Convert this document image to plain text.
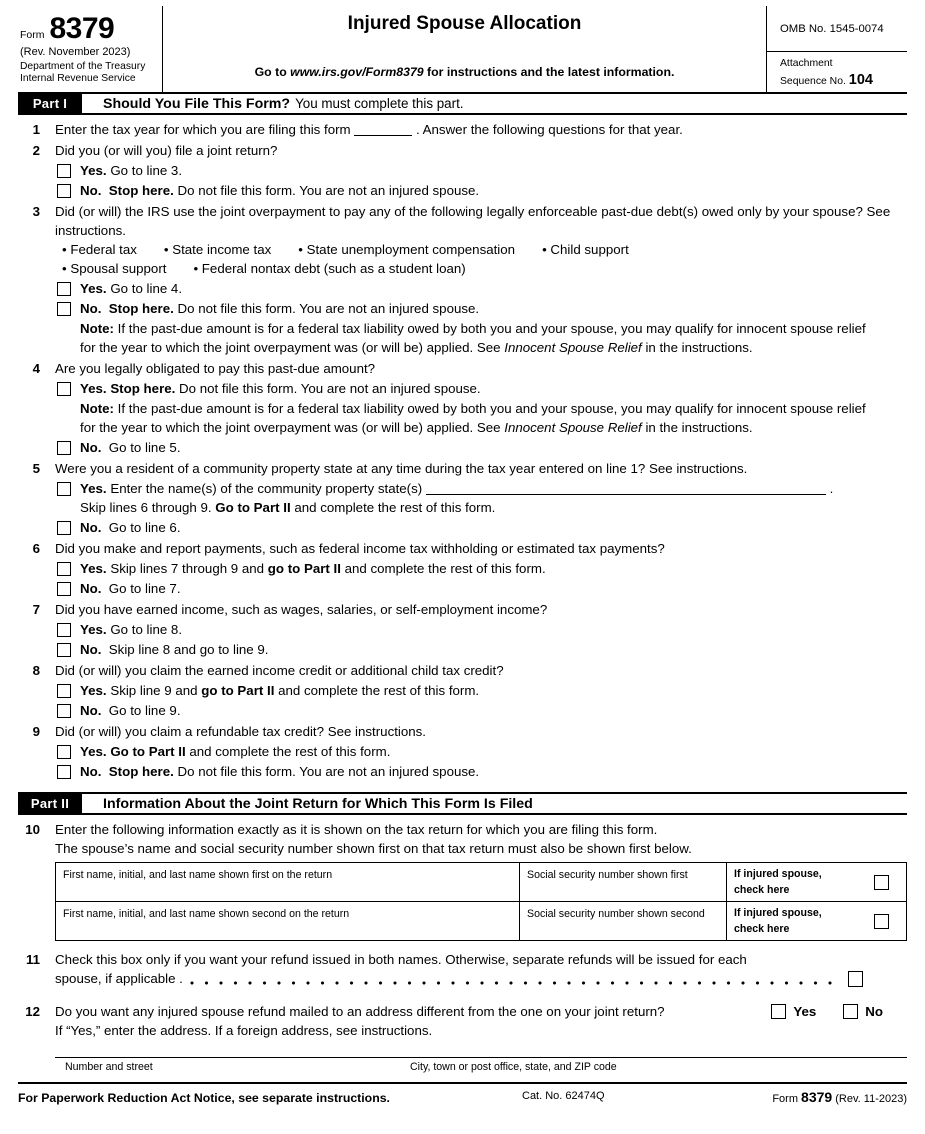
Form 8379
(Rev. November 2023)
Department of the Treasury
Internal Revenue Service
Injured Spouse Allocation
Go to www.irs.gov/Form8379 for instructions and the latest information.
OMB No. 1545-0074
Attachment
Sequence No. 104
Part I	Should You File This Form? You must complete this part.
1	Enter the tax year for which you are filing this form	. Answer the following questions for that year.
2	Did you (or will you) file a joint return?
Yes. Go to line 3.
No.  Stop here. Do not file this form. You are not an injured spouse.
3	Did (or will) the IRS use the joint overpayment to pay any of the following legally enforceable past-due debt(s) owed only by your spouse? See instructions.
• Federal tax • State income tax • State unemployment compensation • Child support
• Spousal support • Federal nontax debt (such as a student loan)
Yes. Go to line 4.
No.  Stop here. Do not file this form. You are not an injured spouse.
Note: If the past-due amount is for a federal tax liability owed by both you and your spouse, you may qualify for innocent spouse relief for the year to which the joint overpayment was (or will be) applied. See Innocent Spouse Relief in the instructions.
4	Are you legally obligated to pay this past-due amount?
Yes. Stop here. Do not file this form. You are not an injured spouse.
Note: If the past-due amount is for a federal tax liability owed by both you and your spouse, you may qualify for innocent spouse relief for the year to which the joint overpayment was (or will be) applied. See Innocent Spouse Relief in the instructions.
No.  Go to line 5.
5	Were you a resident of a community property state at any time during the tax year entered on line 1? See instructions.
Yes. Enter the name(s) of the community property state(s)	.
Skip lines 6 through 9. Go to Part II and complete the rest of this form.
No.  Go to line 6.
6	Did you make and report payments, such as federal income tax withholding or estimated tax payments?
Yes. Skip lines 7 through 9 and go to Part II and complete the rest of this form.
No.  Go to line 7.
7	Did you have earned income, such as wages, salaries, or self-employment income?
Yes. Go to line 8.
No.  Skip line 8 and go to line 9.
8	Did (or will) you claim the earned income credit or additional child tax credit?
Yes. Skip line 9 and go to Part II and complete the rest of this form.
No.  Go to line 9.
9	Did (or will) you claim a refundable tax credit? See instructions.
Yes. Go to Part II and complete the rest of this form.
No.  Stop here. Do not file this form. You are not an injured spouse.
Part II	Information About the Joint Return for Which This Form Is Filed
10	Enter the following information exactly as it is shown on the tax return for which you are filing this form.
The spouse’s name and social security number shown first on that tax return must also be shown first below.
First name, initial, and last name shown first on the return	Social security number shown first	If injured spouse,
check here
First name, initial, and last name shown second on the return	Social security number shown second	If injured spouse,
check here
11	Check this box only if you want your refund issued in both names. Otherwise, separate refunds will be issued for each
spouse, if applicable .
12	Do you want any injured spouse refund mailed to an address different from the one on your joint return?	Yes	No
If “Yes,” enter the address. If a foreign address, see instructions.
Number and street	City, town or post office, state, and ZIP code
For Paperwork Reduction Act Notice, see separate instructions.	Cat. No. 62474Q	Form 8379 (Rev. 11-2023)
